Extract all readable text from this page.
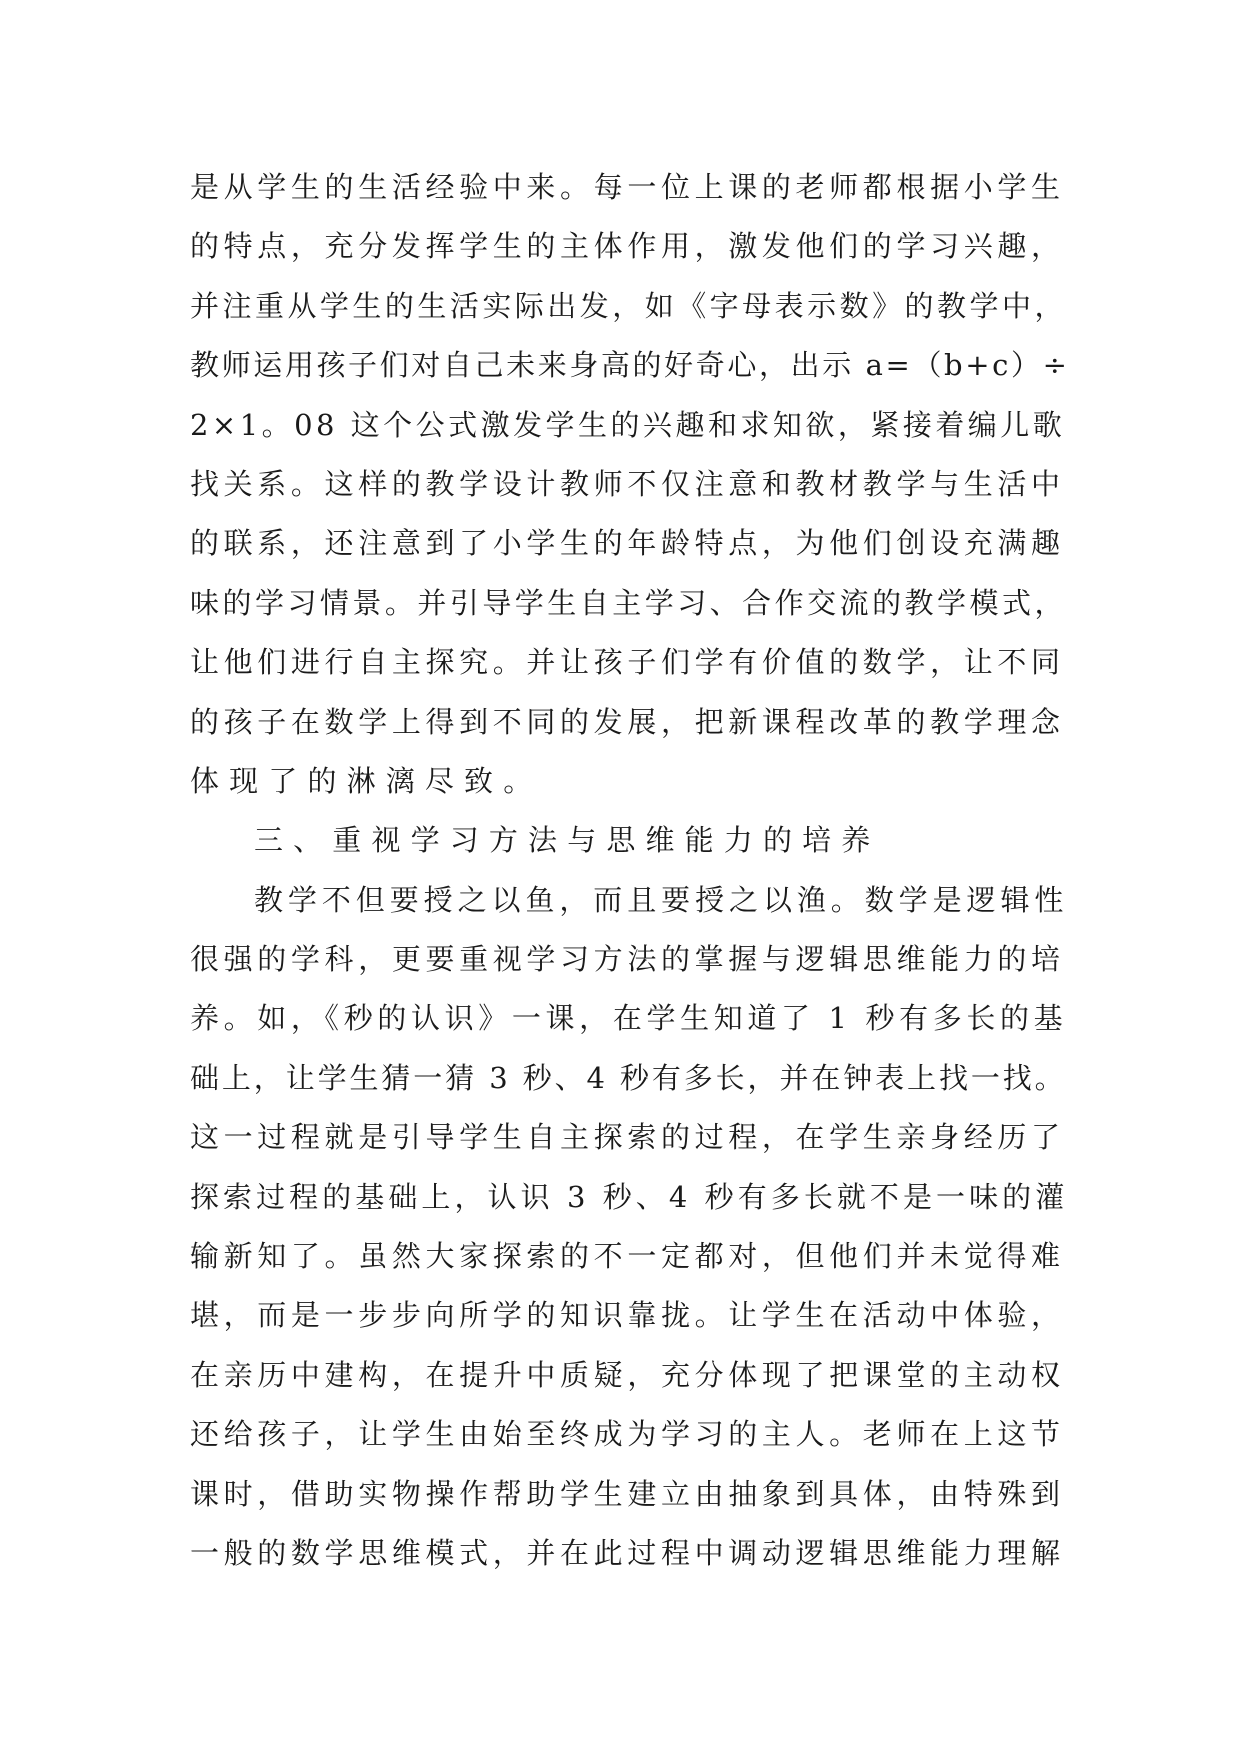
是从学生的生活经验中来。每一位上课的老师都根据小学生
的特点，充分发挥学生的主体作用，激发他们的学习兴趣，
并注重从学生的生活实际出发，如《字母表示数》的教学中，
教师运用孩子们对自己未来身高的好奇心，出示 a=（b+c）÷
2×1。08 这个公式激发学生的兴趣和求知欲，紧接着编儿歌
找关系。这样的教学设计教师不仅注意和教材教学与生活中
的联系，还注意到了小学生的年龄特点，为他们创设充满趣
味的学习情景。并引导学生自主学习、合作交流的教学模式，
让他们进行自主探究。并让孩子们学有价值的数学，让不同
的孩子在数学上得到不同的发展，把新课程改革的教学理念
体现了的淋漓尽致。
三、重视学习方法与思维能力的培养
教学不但要授之以鱼，而且要授之以渔。数学是逻辑性
很强的学科，更要重视学习方法的掌握与逻辑思维能力的培
养。如，《秒的认识》一课，在学生知道了 1 秒有多长的基
础上，让学生猜一猜 3 秒、4 秒有多长，并在钟表上找一找。
这一过程就是引导学生自主探索的过程，在学生亲身经历了
探索过程的基础上，认识 3 秒、4 秒有多长就不是一味的灌
输新知了。虽然大家探索的不一定都对，但他们并未觉得难
堪，而是一步步向所学的知识靠拢。让学生在活动中体验，
在亲历中建构，在提升中质疑，充分体现了把课堂的主动权
还给孩子，让学生由始至终成为学习的主人。老师在上这节
课时，借助实物操作帮助学生建立由抽象到具体，由特殊到
一般的数学思维模式，并在此过程中调动逻辑思维能力理解
